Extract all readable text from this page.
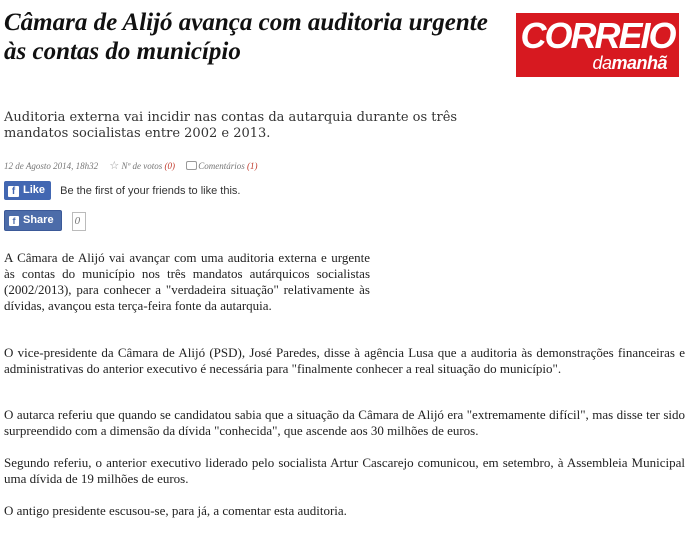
Câmara de Alijó avança com auditoria urgente às contas do município	CORREIO
damanhã

Auditoria externa vai incidir nas contas da autarquia durante os três mandatos socialistas entre 2002 e 2013.

12 de Agosto 2014, 18h32 ☆ Nº de votos (0)	Comentários (1)
f Like Be the first of your friends to like this.
f Share 0

A Câmara de Alijó vai avançar com uma auditoria externa e urgente às contas do município nos três mandatos autárquicos socialistas (2002/2013), para conhecer a "verdadeira situação" relativamente às dívidas, avançou esta terça-feira fonte da autarquia.

O vice-presidente da Câmara de Alijó (PSD), José Paredes, disse à agência Lusa que a auditoria às demonstrações financeiras e administrativas do anterior executivo é necessária para "finalmente conhecer a real situação do município".

O autarca referiu que quando se candidatou sabia que a situação da Câmara de Alijó era "extremamente difícil", mas disse ter sido surpreendido com a dimensão da dívida "conhecida", que ascende aos 30 milhões de euros.

Segundo referiu, o anterior executivo liderado pelo socialista Artur Cascarejo comunicou, em setembro, à Assembleia Municipal uma dívida de 19 milhões de euros.

O antigo presidente escusou-se, para já, a comentar esta auditoria.
